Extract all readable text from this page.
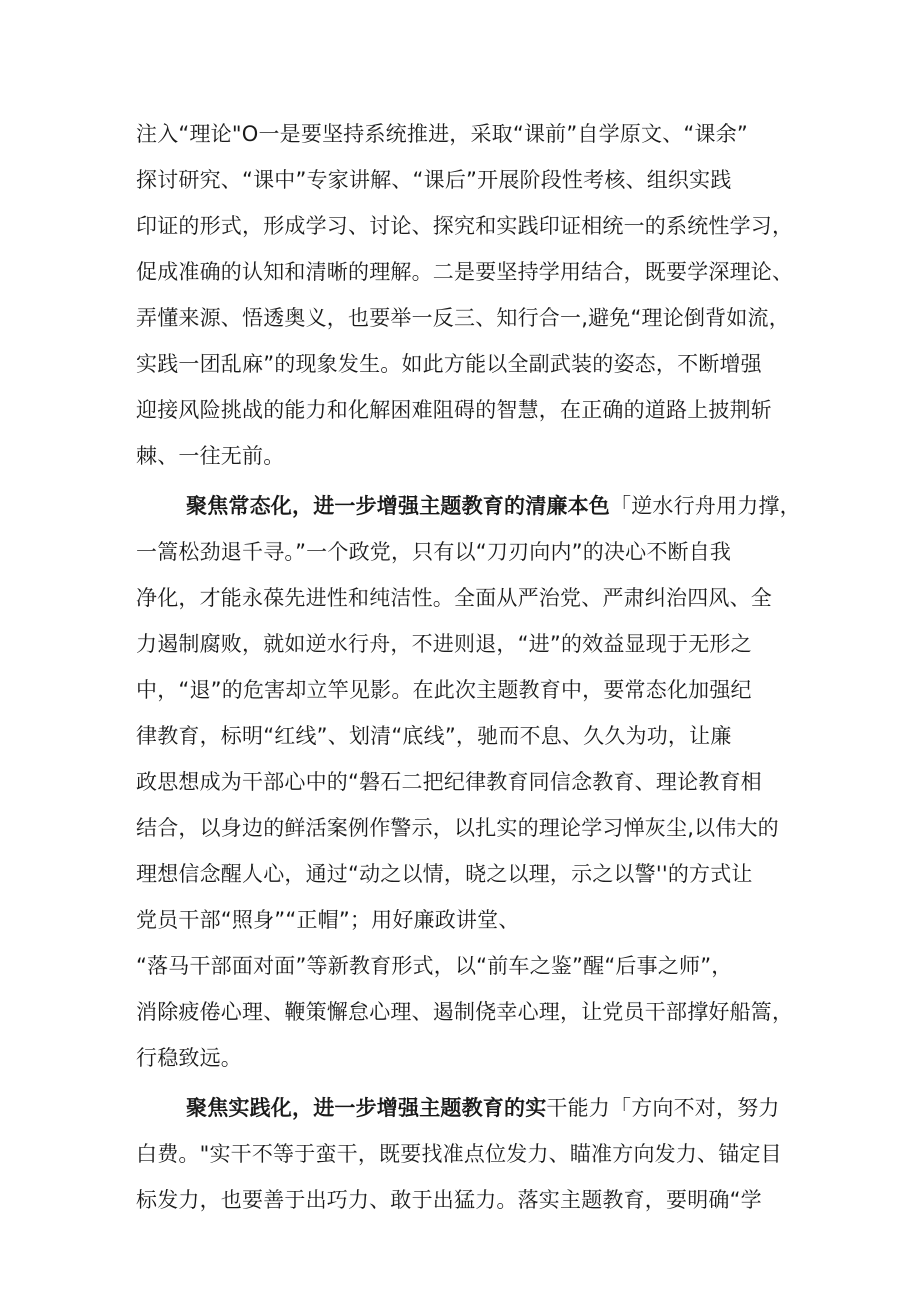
注入“理论"O一是要坚持系统推进，采取“课前”自学原文、“课余”
探讨研究、“课中”专家讲解、“课后”开展阶段性考核、组织实践
印证的形式，形成学习、讨论、探究和实践印证相统一的系统性学习，
促成准确的认知和清晰的理解。二是要坚持学用结合，既要学深理论、
弄懂来源、悟透奥义，也要举一反三、知行合一,避免“理论倒背如流，
实践一团乱麻”的现象发生。如此方能以全副武装的姿态，不断增强
迎接风险挑战的能力和化解困难阻碍的智慧，在正确的道路上披荆斩
棘、一往无前。
聚焦常态化，进一步增强主题教育的清廉本色「逆水行舟用力撑，
一篙松劲退千寻。”一个政党，只有以“刀刃向内”的决心不断自我
净化，才能永葆先进性和纯洁性。全面从严治党、严肃纠治四风、全
力遏制腐败，就如逆水行舟，不进则退，“进”的效益显现于无形之
中，“退”的危害却立竿见影。在此次主题教育中，要常态化加强纪
律教育，标明“红线”、划清“底线”，驰而不息、久久为功，让廉
政思想成为干部心中的“磐石二把纪律教育同信念教育、理论教育相
结合，以身边的鲜活案例作警示，以扎实的理论学习惮灰尘,以伟大的
理想信念醒人心，通过“动之以情，晓之以理，示之以警''的方式让
党员干部“照身”“正帽”；用好廉政讲堂、
“落马干部面对面”等新教育形式，以“前车之鉴”醒“后事之师”，
消除疲倦心理、鞭策懈怠心理、遏制侥幸心理，让党员干部撑好船篙，
行稳致远。
聚焦实践化，进一步增强主题教育的实干能力「方向不对，努力
白费。"实干不等于蛮干，既要找准点位发力、瞄准方向发力、锚定目
标发力，也要善于出巧力、敢于出猛力。落实主题教育，要明确“学
